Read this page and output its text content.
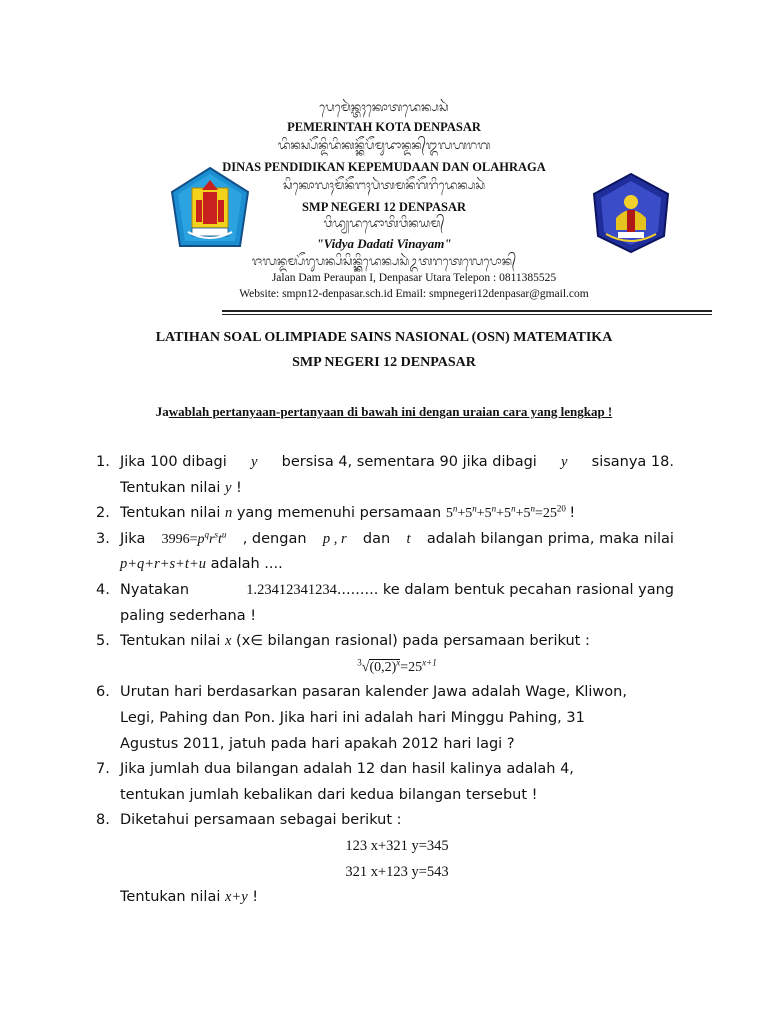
ᬧᬾᬫᬾᬃᬦ᭄ᬢᬄᬓᭀᬢᬤᬾᬦ᭄ᬧᬲᬃ
PEMERINTAH KOTA DENPASAR
ᬤᬶᬦᬲ᭄ᬧᭂᬦ᭄ᬤᬶᬤᬶᬓᬦ᭄ᬓᭂᬧᭂᬫᬸᬤᬵᬦ᭄ᬤᬦ᭄ᬑᬮᬳᬭᬕ
DINAS PENDIDIKAN KEPEMUDAAN DAN OLAHRAGA
ᬲᬶᬓᭀᬮᬄᬫᭂᬦᭂᬗᬄᬧᬃᬢᬫᬦᭂᬕᭂᬭᬶᬤᬾᬦ᭄ᬧᬲᬃ
SMP NEGERI 12 DENPASAR
ᬯᬶᬤ᭄ᬬᬤᬤᭀᬢᬶᬯᬶᬦᬬᬫ᭄
"Vidya Dadati Vinayam"
ᬚᬮᬦ᭄ᬤᬫ᭄ᬧᭂᬭᬸᬧᬦ᭄ᬧᬶᬲᬶᬦ᭄ᬕ᭄ᬓᬶᬤᬾᬦ᭄ᬧᬲᬃᬉᬢᬭᬢᬾᬮᬾᬧᭀᬦ᭄
Jalan Dam Peraupan I, Denpasar Utara Telepon : 0811385525
Website: smpn12-denpasar.sch.id Email: smpnegeri12denpasar@gmail.com
LATIHAN SOAL OLIMPIADE SAINS NASIONAL (OSN) MATEMATIKA
SMP NEGERI 12 DENPASAR
Jawablah pertanyaan-pertanyaan di bawah ini dengan uraian cara yang lengkap !
1. Jika 100 dibagi y bersisa 4, sementara 90 jika dibagi y sisanya 18.
Tentukan nilai y !
2. Tentukan nilai n yang memenuhi persamaan $5^n+5^n+5^n+5^n+5^n=25^{20}$ !
3. Jika $3996=p^qr^st^u$ , dengan p , r dan t adalah bilangan prima, maka nilai
p+q+r+s+t+u adalah ....
4. Nyatakan	1.23412341234 ......... ke dalam bentuk pecahan rasional yang
paling sederhana !
5. Tentukan nilai x (x∈ bilangan rasional) pada persamaan berikut :
$^3√(0,2)^x=25^{x+1}$
6. Urutan hari berdasarkan pasaran kalender Jawa adalah Wage, Kliwon,
Legi, Pahing dan Pon. Jika hari ini adalah hari Minggu Pahing, 31
Agustus 2011, jatuh pada hari apakah 2012 hari lagi ?
7. Jika jumlah dua bilangan adalah 12 dan hasil kalinya adalah 4,
tentukan jumlah kebalikan dari kedua bilangan tersebut !
8. Diketahui persamaan sebagai berikut :
123 x+321 y=345
321 x+123 y=543
Tentukan nilai x+y !
